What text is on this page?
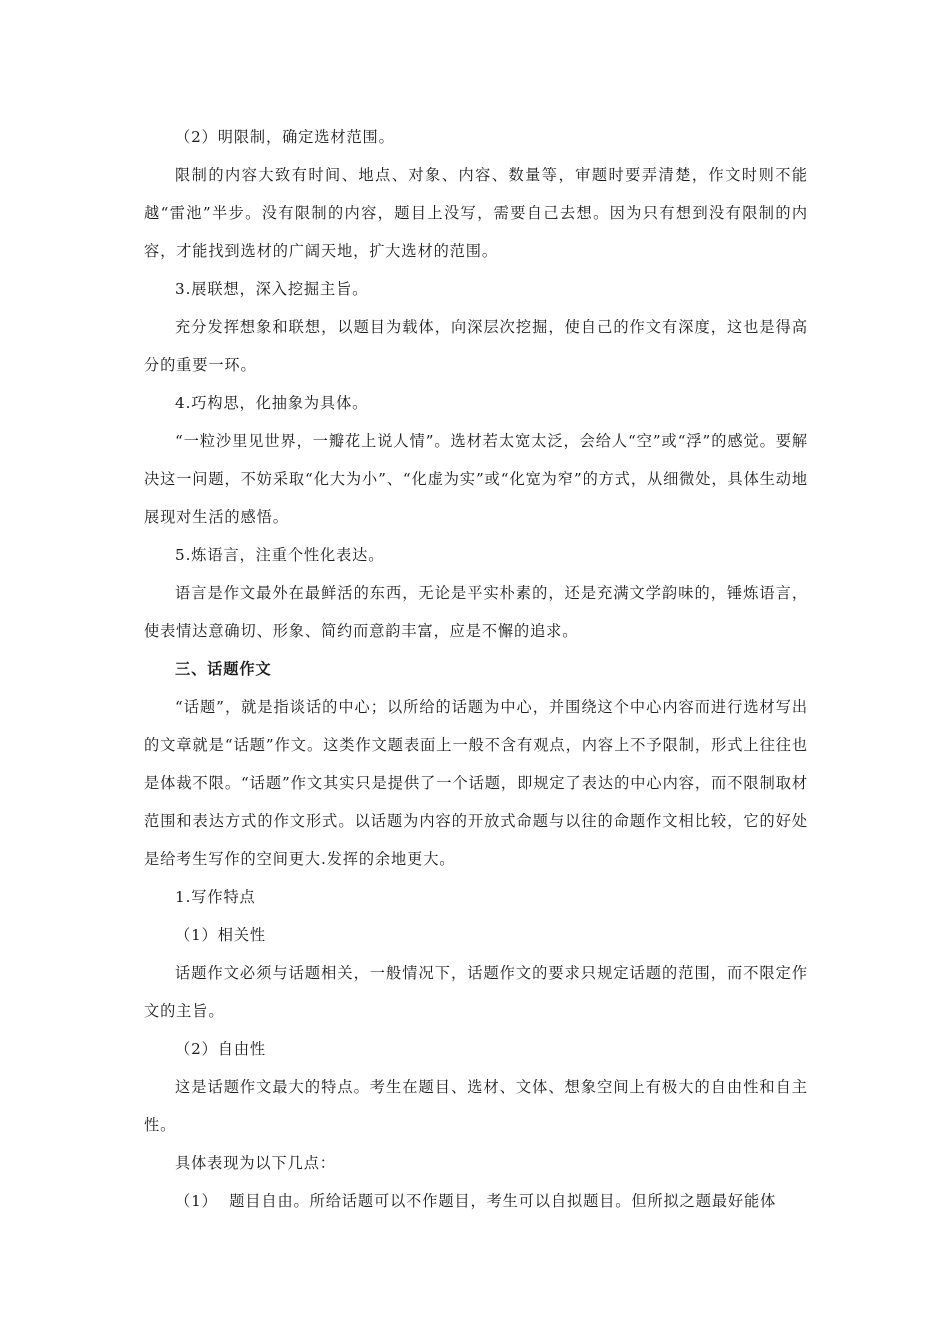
（2）明限制，确定选材范围。

限制的内容大致有时间、地点、对象、内容、数量等，审题时要弄清楚，作文时则不能越“雷池”半步。没有限制的内容，题目上没写，需要自己去想。因为只有想到没有限制的内容，才能找到选材的广阔天地，扩大选材的范围。

3.展联想，深入挖掘主旨。

充分发挥想象和联想，以题目为载体，向深层次挖掘，使自己的作文有深度，这也是得高分的重要一环。

4.巧构思，化抽象为具体。

“一粒沙里见世界，一瓣花上说人情”。选材若太宽太泛，会给人“空”或“浮”的感觉。要解决这一问题，不妨采取“化大为小”、“化虚为实”或“化宽为窄”的方式，从细微处，具体生动地展现对生活的感悟。

5.炼语言，注重个性化表达。

语言是作文最外在最鲜活的东西，无论是平实朴素的，还是充满文学韵味的，锤炼语言，使表情达意确切、形象、简约而意韵丰富，应是不懈的追求。

三、话题作文

“话题”，就是指谈话的中心；以所给的话题为中心，并围绕这个中心内容而进行选材写出的文章就是“话题”作文。这类作文题表面上一般不含有观点，内容上不予限制，形式上往往也是体裁不限。“话题”作文其实只是提供了一个话题，即规定了表达的中心内容，而不限制取材范围和表达方式的作文形式。以话题为内容的开放式命题与以往的命题作文相比较，它的好处是给考生写作的空间更大.发挥的余地更大。

1.写作特点

（1）相关性

话题作文必须与话题相关，一般情况下，话题作文的要求只规定话题的范围，而不限定作文的主旨。

（2）自由性

这是话题作文最大的特点。考生在题目、选材、文体、想象空间上有极大的自由性和自主性。

具体表现为以下几点：

（1）  题目自由。所给话题可以不作题目，考生可以自拟题目。但所拟之题最好能体
